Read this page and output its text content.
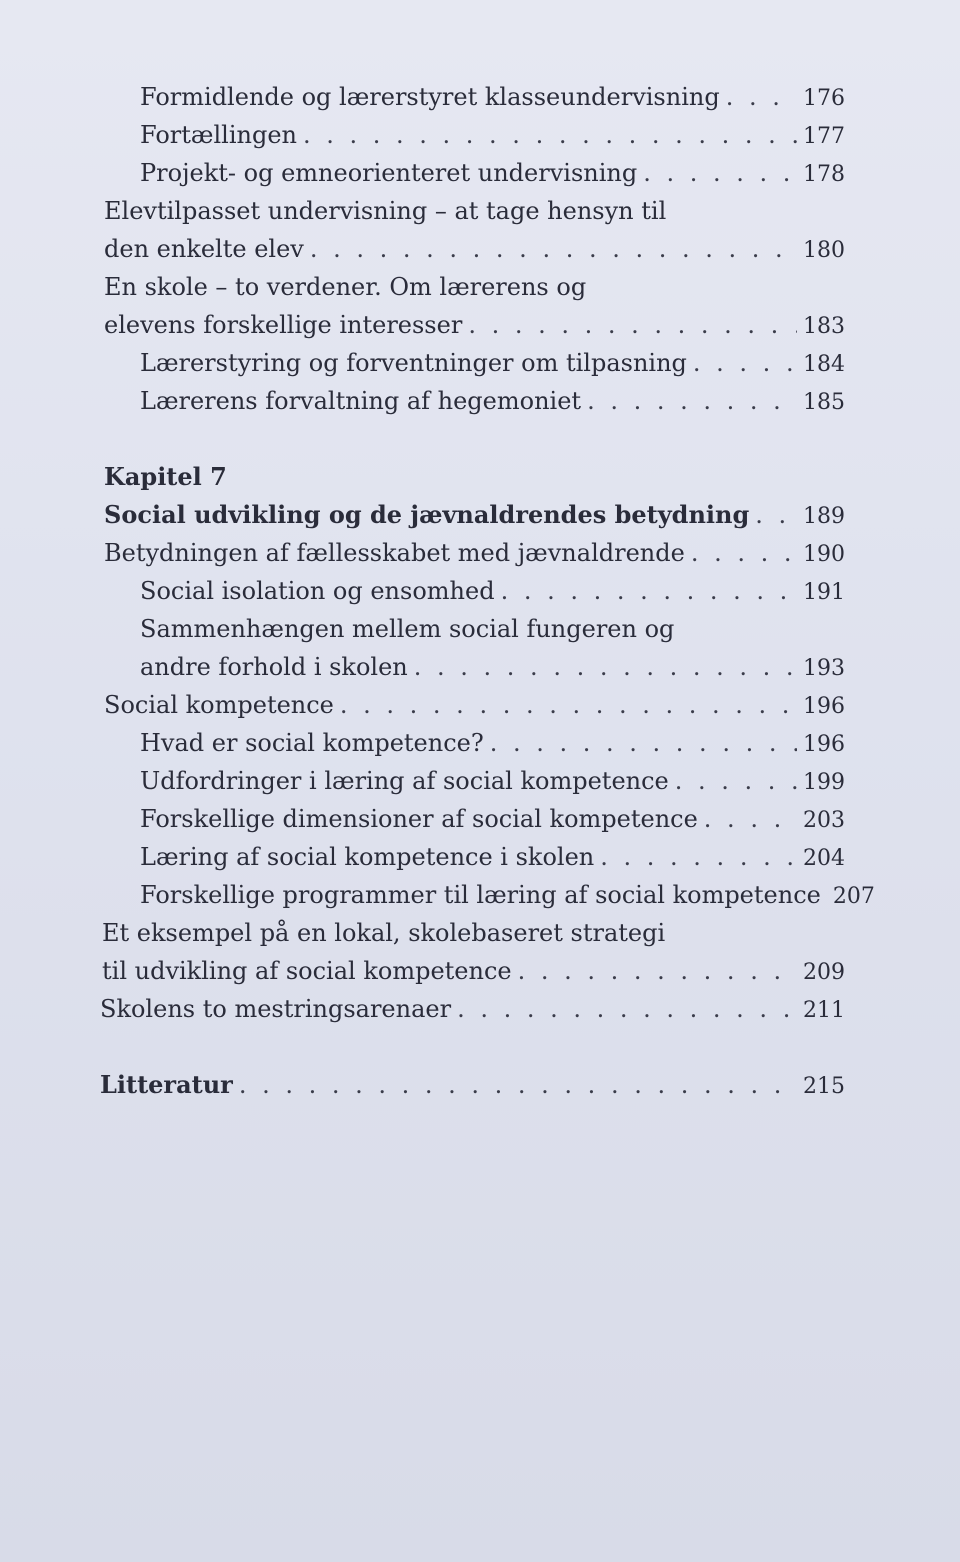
Formidlende og lærerstyret klasseundervisning . . .	176
Fortællingen . . .	177
Projekt- og emneorienteret undervisning . . .	178
Elevtilpasset undervisning – at tage hensyn til
den enkelte elev . . .	180
En skole – to verdener. Om lærerens og
elevens forskellige interesser . . .	183
Lærerstyring og forventninger om tilpasning . . .	184
Lærerens forvaltning af hegemoniet . . .	185
Kapitel 7
Social udvikling og de jævnaldrendes betydning . . . 189
Betydningen af fællesskabet med jævnaldrende . . .	190
Social isolation og ensomhed . . .	191
Sammenhængen mellem social fungeren og
andre forhold i skolen . . .	193
Social kompetence . . .	196
Hvad er social kompetence? . . .	196
Udfordringer i læring af social kompetence . . .	199
Forskellige dimensioner af social kompetence . . .	203
Læring af social kompetence i skolen . . .	204
Forskellige programmer til læring af social kompetence 207
Et eksempel på en lokal, skolebaseret strategi
til udvikling af social kompetence . . .	209
Skolens to mestringsarenaer . . .	211
Litteratur . . .	215
